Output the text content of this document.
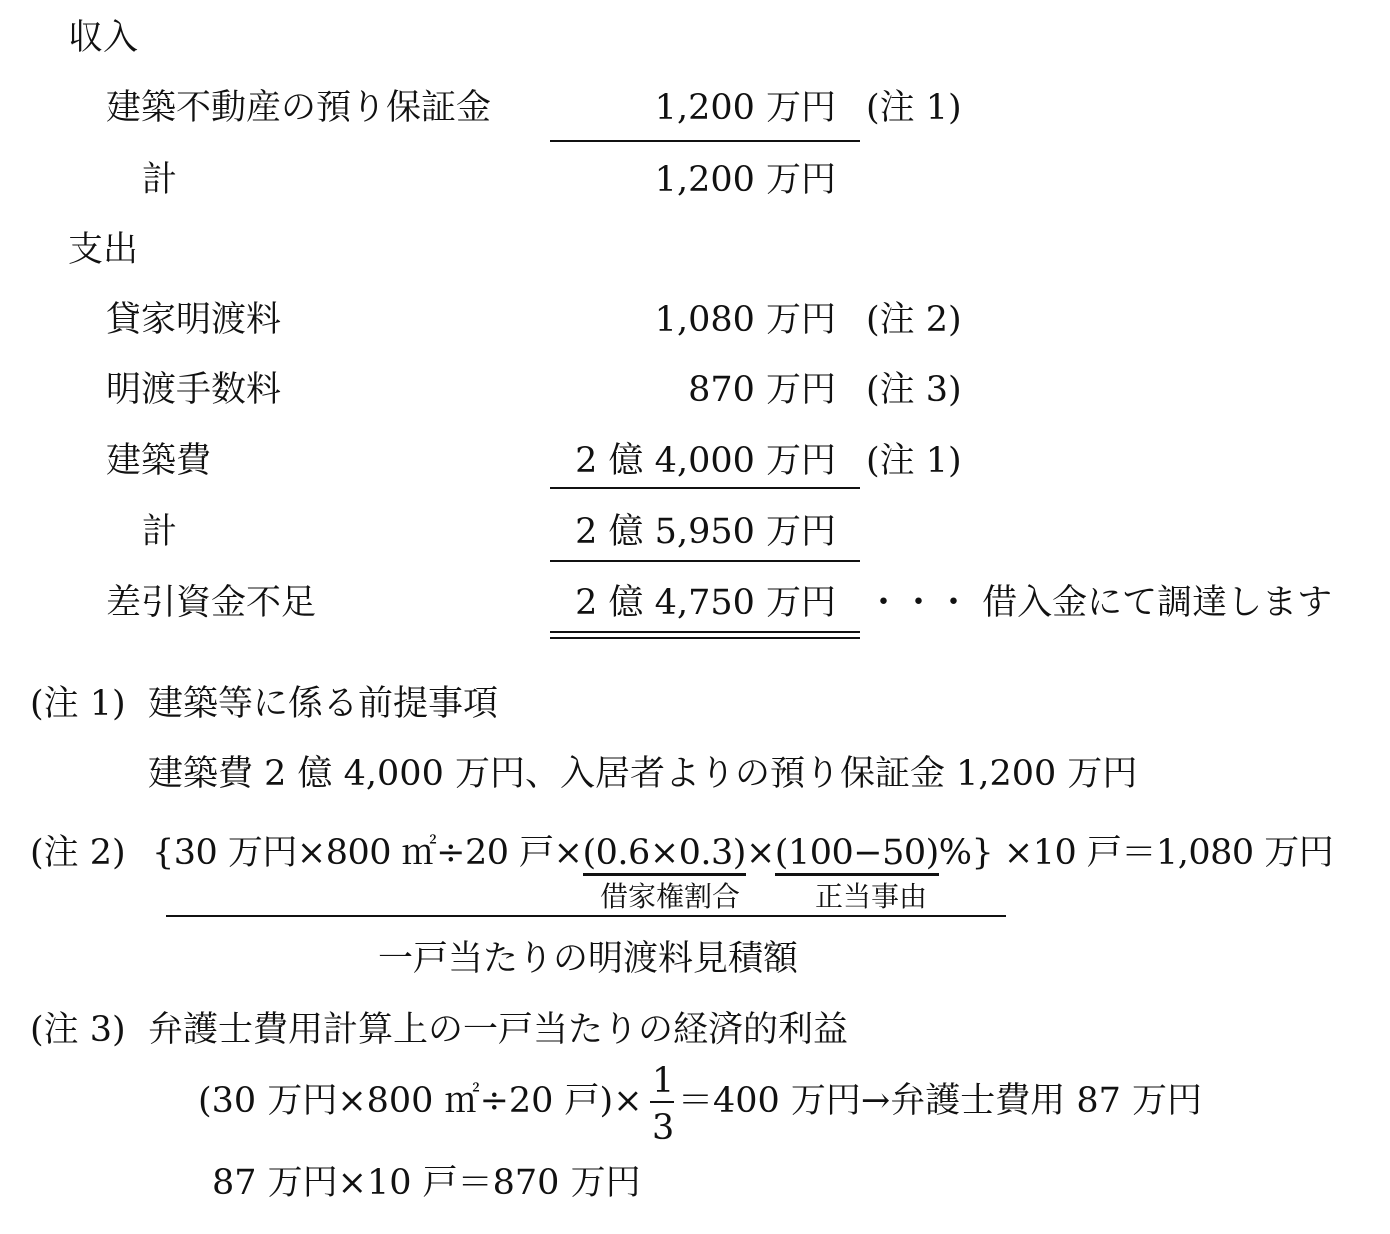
収入
建築不動産の預り保証金	1,200 万円 (注 1)
計	1,200 万円
支出
貸家明渡料	1,080 万円 (注 2)
明渡手数料	870 万円 (注 3)
建築費	2 億 4,000 万円 (注 1)
計	2 億 5,950 万円
差引資金不足	2 億 4,750 万円 ・・・ 借入金にて調達します
(注 1) 建築等に係る前提事項
建築費 2 億 4,000 万円、入居者よりの預り保証金 1,200 万円
(注 2) {30 万円×800 ㎡÷20 戸×(0.6×0.3)×(100−50)%} ×10 戸＝1,080 万円
借家権割合	正当事由
一戸当たりの明渡料見積額
(注 3) 弁護士費用計算上の一戸当たりの経済的利益
(30 万円×800 ㎡÷20 戸)× 1
3
＝400 万円→弁護士費用 87 万円
87 万円×10 戸＝870 万円
